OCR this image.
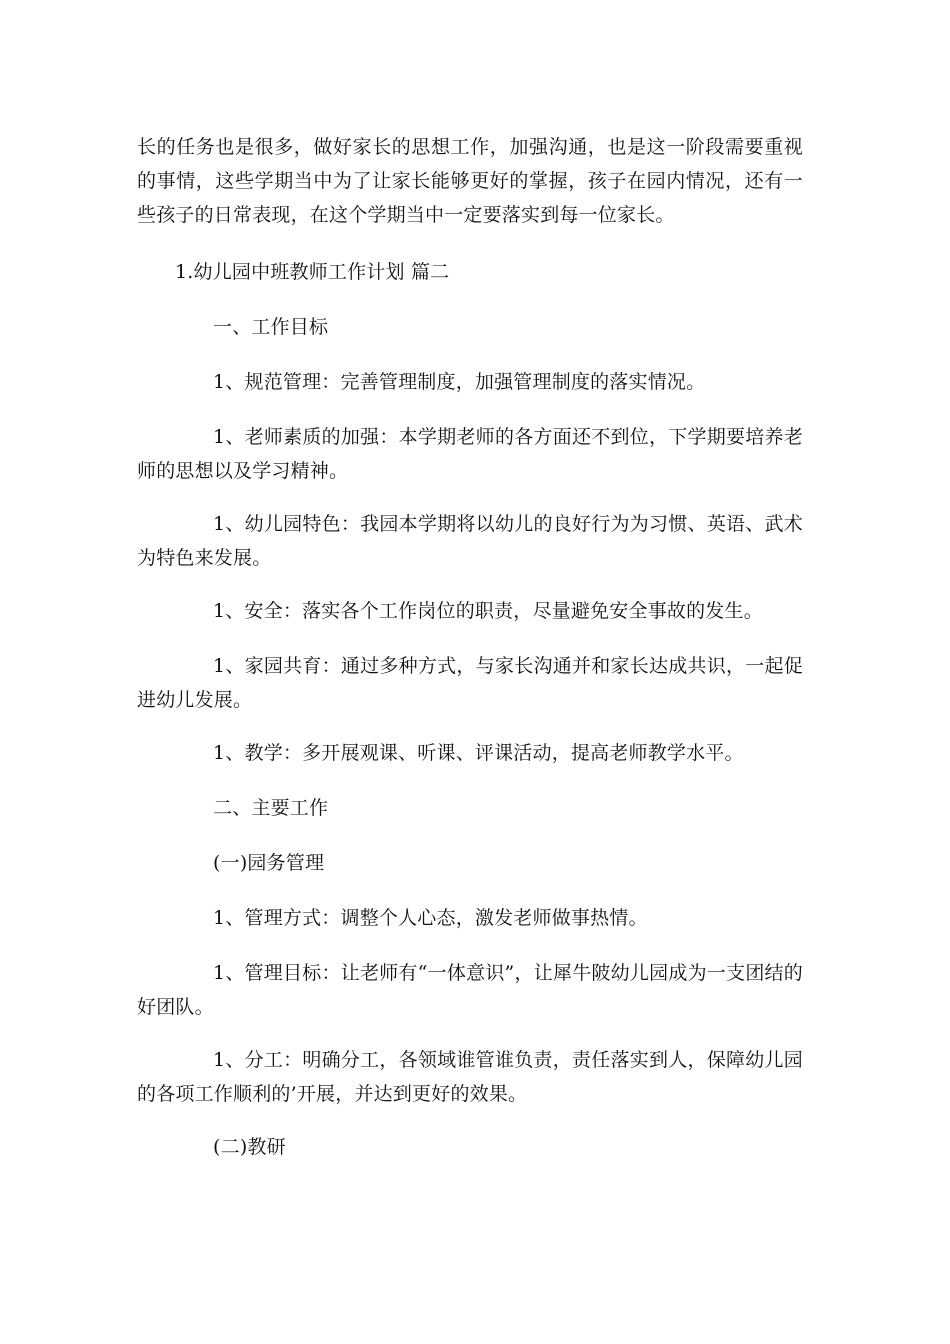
长的任务也是很多，做好家长的思想工作，加强沟通，也是这一阶段需要重视的事情，这些学期当中为了让家长能够更好的掌握，孩子在园内情况，还有一些孩子的日常表现，在这个学期当中一定要落实到每一位家长。

1.幼儿园中班教师工作计划 篇二

一、工作目标

1、规范管理：完善管理制度，加强管理制度的落实情况。

1、老师素质的加强：本学期老师的各方面还不到位，下学期要培养老师的思想以及学习精神。

1、幼儿园特色：我园本学期将以幼儿的良好行为为习惯、英语、武术为特色来发展。

1、安全：落实各个工作岗位的职责，尽量避免安全事故的发生。

1、家园共育：通过多种方式，与家长沟通并和家长达成共识，一起促进幼儿发展。

1、教学：多开展观课、听课、评课活动，提高老师教学水平。

二、主要工作

(一)园务管理

1、管理方式：调整个人心态，激发老师做事热情。

1、管理目标：让老师有“一体意识”，让犀牛陂幼儿园成为一支团结的好团队。

1、分工：明确分工，各领域谁管谁负责，责任落实到人，保障幼儿园的各项工作顺利的’开展，并达到更好的效果。

(二)教研
